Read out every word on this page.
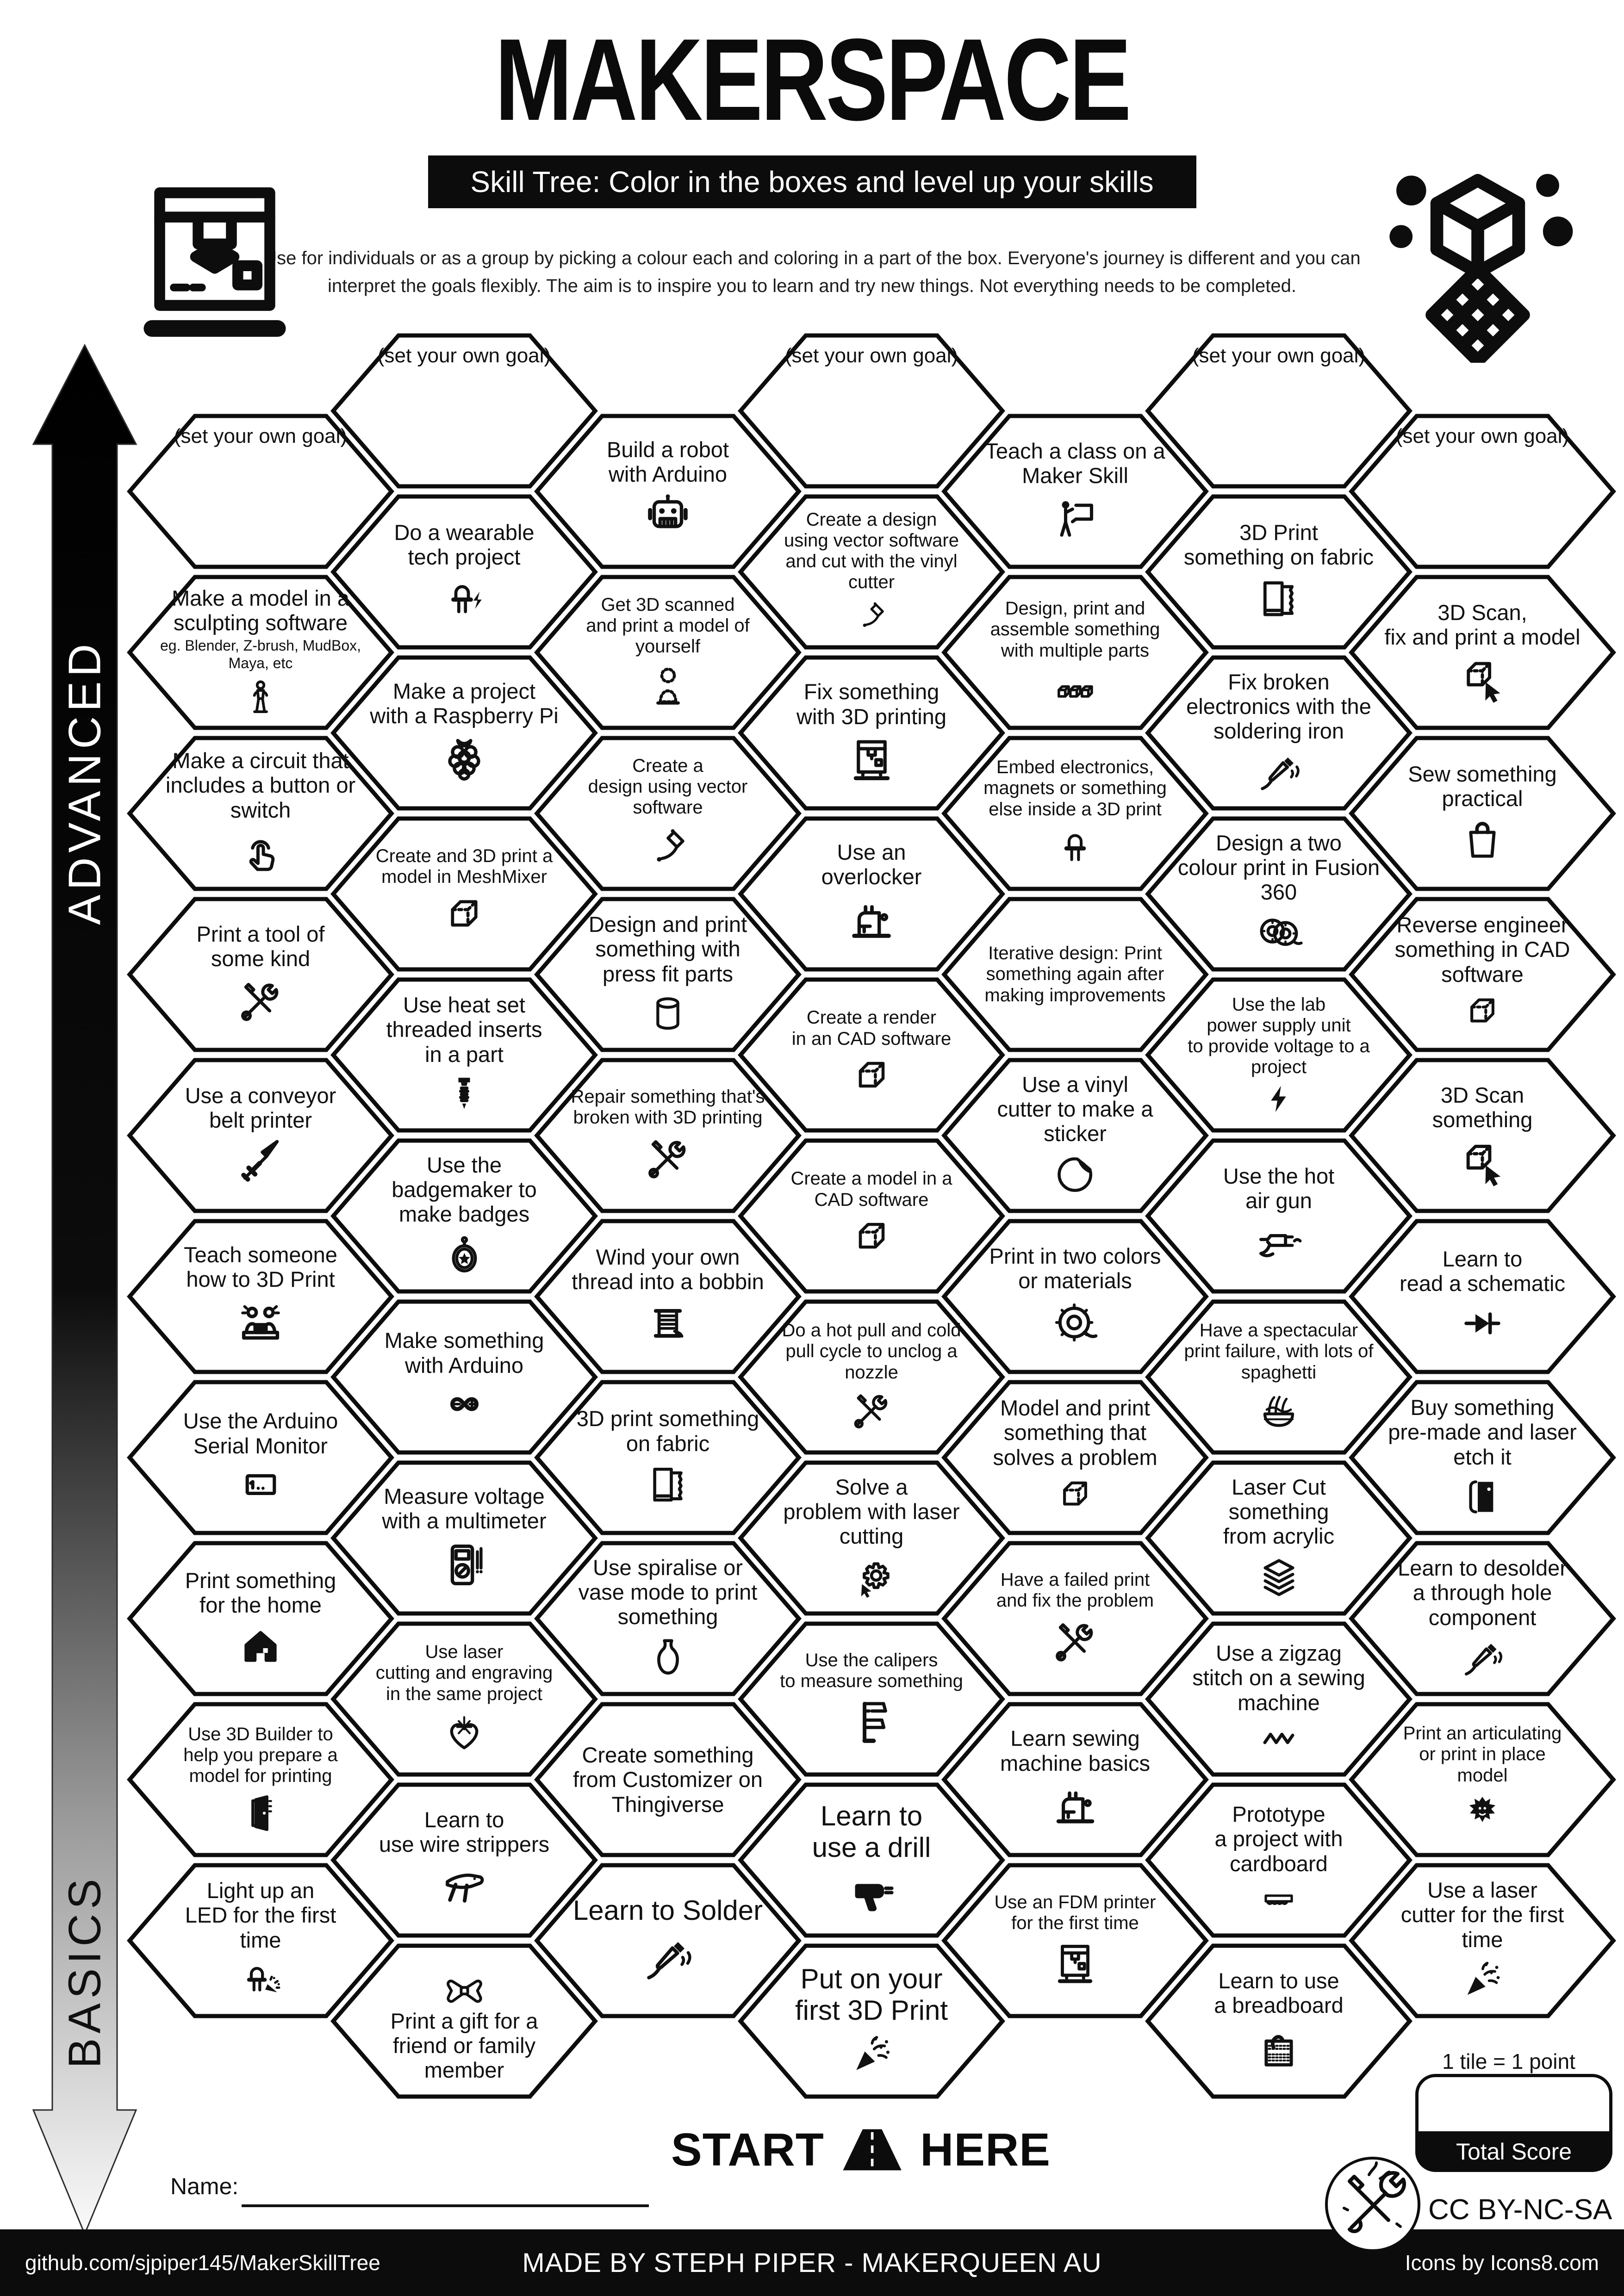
MAKERSPACE
Skill Tree: Color in the boxes and level up your skills
Use for individuals or as a group by picking a colour each and coloring in a part of the box. Everyone's journey is different and you can
interpret the goals flexibly. The aim is to inspire you to learn and try new things. Not everything needs to be completed.
ADVANCED
BASICS
(set your own goal)
Make a model in a
sculpting software
eg. Blender, Z-brush, MudBox,
Maya, etc
Make a circuit that
includes a button or
switch
Print a tool of
some kind
Use a conveyor
belt printer
Teach someone
how to 3D Print
Use the Arduino
Serial Monitor
Print something
for the home
Use 3D Builder to
help you prepare a
model for printing
Light up an
LED for the first
time
(set your own goal)
Do a wearable
tech project
Make a project
with a Raspberry Pi
Create and 3D print a
model in MeshMixer
Use heat set
threaded inserts
in a part
Use the
badgemaker to
make badges
Make something
with Arduino
Measure voltage
with a multimeter
Use laser
cutting and engraving
in the same project
Learn to
use wire strippers
Print a gift for a
friend or family
member
Build a robot
with Arduino
Get 3D scanned
and print a model of
yourself
Create a
design using vector
software
Design and print
something with
press fit parts
Repair something that's
broken with 3D printing
Wind your own
thread into a bobbin
3D print something
on fabric
Use spiralise or
vase mode to print
something
Create something
from Customizer on
Thingiverse
Learn to Solder
(set your own goal)
Create a design
using vector software
and cut with the vinyl
cutter
Fix something
with 3D printing
Use an
overlocker
Create a render
in an CAD software
Create a model in a
CAD software
Do a hot pull and cold
pull cycle to unclog a
nozzle
Solve a
problem with laser
cutting
Use the calipers
to measure something
Learn to
use a drill
Put on your
first 3D Print
Teach a class on a
Maker Skill
Design, print and
assemble something
with multiple parts
Embed electronics,
magnets or something
else inside a 3D print
Iterative design: Print
something again after
making improvements
Use a vinyl
cutter to make a
sticker
Print in two colors
or materials
Model and print
something that
solves a problem
Have a failed print
and fix the problem
Learn sewing
machine basics
Use an FDM printer
for the first time
(set your own goal)
3D Print
something on fabric
Fix broken
electronics with the
soldering iron
Design a two
colour print in Fusion
360
Use the lab
power supply unit
to provide voltage to a
project
Use the hot
air gun
Have a spectacular
print failure, with lots of
spaghetti
Laser Cut
something
from acrylic
Use a zigzag
stitch on a sewing
machine
Prototype
a project with
cardboard
Learn to use
a breadboard
(set your own goal)
3D Scan,
fix and print a model
Sew something
practical
Reverse engineer
something in CAD
software
3D Scan
something
Learn to
read a schematic
Buy something
pre-made and laser
etch it
Learn to desolder
a through hole
component
Print an articulating
or print in place
model
Use a laser
cutter for the first
time
START HERE
Name:
1 tile = 1 point
Total Score
CC BY-NC-SA 4.0
github.com/sjpiper145/MakerSkillTree	MADE BY STEPH PIPER - MAKERQUEEN AU	Icons by Icons8.com
